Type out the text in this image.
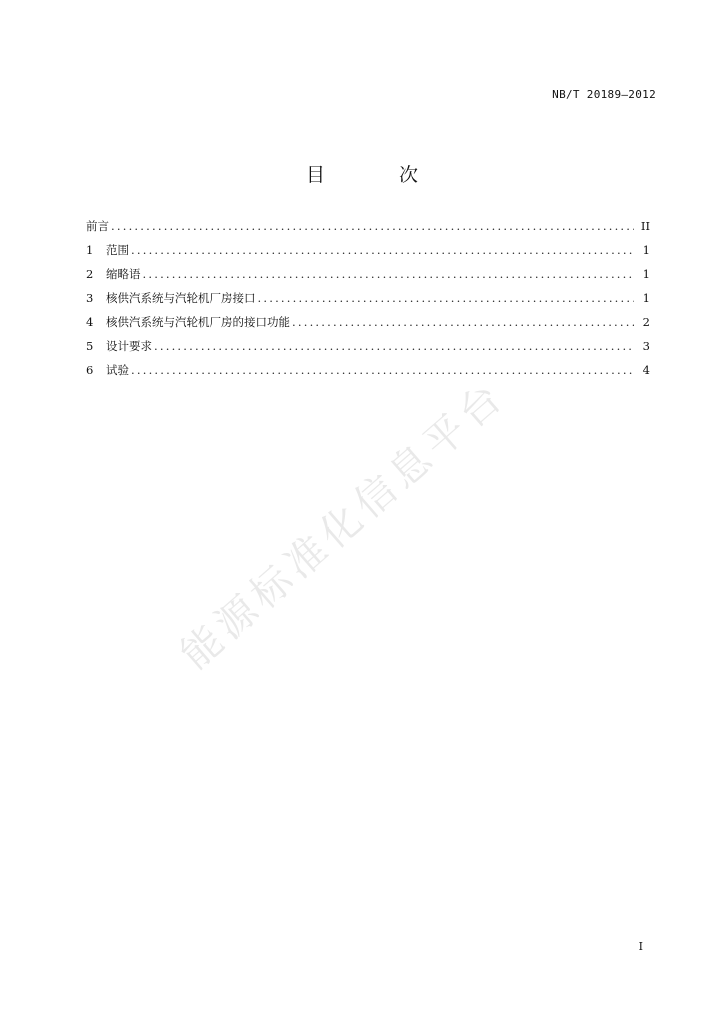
NB/T 20189—2012
目 次
前言 .....	II
1	范围 .....	1
2	缩略语 .....	1
3	核供汽系统与汽轮机厂房接口 .....	1
4	核供汽系统与汽轮机厂房的接口功能 .....	2
5	设计要求 .....	3
6	试验 .....	4
能源标准化信息平台
I
